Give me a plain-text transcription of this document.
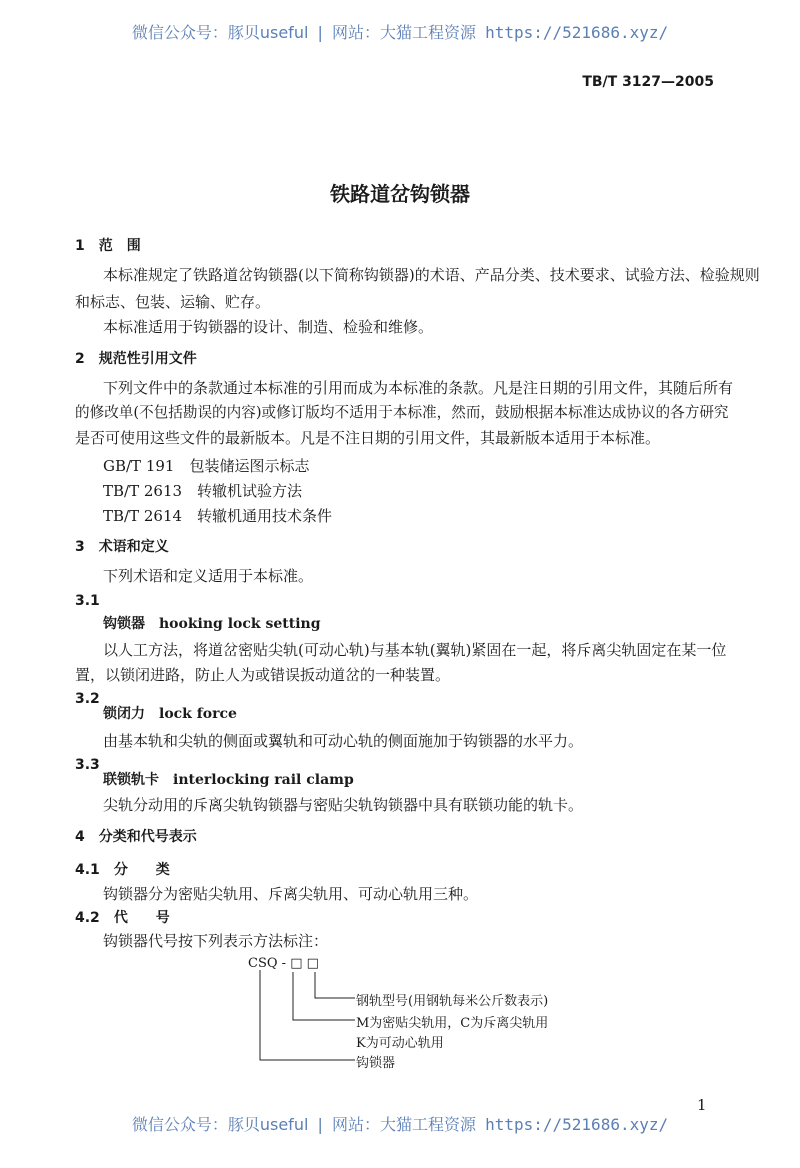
微信公众号：豚贝useful | 网站：大猫工程资源 https://521686.xyz/
TB/T 3127—2005
铁路道岔钩锁器
1　 范　围
本标准规定了铁路道岔钩锁器(以下简称钩锁器)的术语、产品分类、技术要求、试验方法、检验规则
和标志、包装、运输、贮存。
本标准适用于钩锁器的设计、制造、检验和维修。
2　 规范性引用文件
下列文件中的条款通过本标准的引用而成为本标准的条款。凡是注日期的引用文件，其随后所有
的修改单(不包括勘误的内容)或修订版均不适用于本标准，然而，鼓励根据本标准达成协议的各方研究
是否可使用这些文件的最新版本。凡是不注日期的引用文件，其最新版本适用于本标准。
GB/T 191　 包装储运图示标志
TB/T 2613　 转辙机试验方法
TB/T 2614　 转辙机通用技术条件
3　 术语和定义
下列术语和定义适用于本标准。
3.1
钩锁器　 hooking lock setting
以人工方法，将道岔密贴尖轨(可动心轨)与基本轨(翼轨)紧固在一起，将斥离尖轨固定在某一位
置，以锁闭进路，防止人为或错误扳动道岔的一种装置。
3.2
锁闭力　 lock force
由基本轨和尖轨的侧面或翼轨和可动心轨的侧面施加于钩锁器的水平力。
3.3
联锁轨卡　 interlocking rail clamp
尖轨分动用的斥离尖轨钩锁器与密贴尖轨钩锁器中具有联锁功能的轨卡。
4　 分类和代号表示
4.1　 分　　类
钩锁器分为密贴尖轨用、斥离尖轨用、可动心轨用三种。
4.2　 代　　号
钩锁器代号按下列表示方法标注：
CSQ - □ □
钢轨型号(用钢轨每米公斤数表示)
M为密贴尖轨用，C为斥离尖轨用
K为可动心轨用
钩锁器
1
微信公众号：豚贝useful | 网站：大猫工程资源 https://521686.xyz/
